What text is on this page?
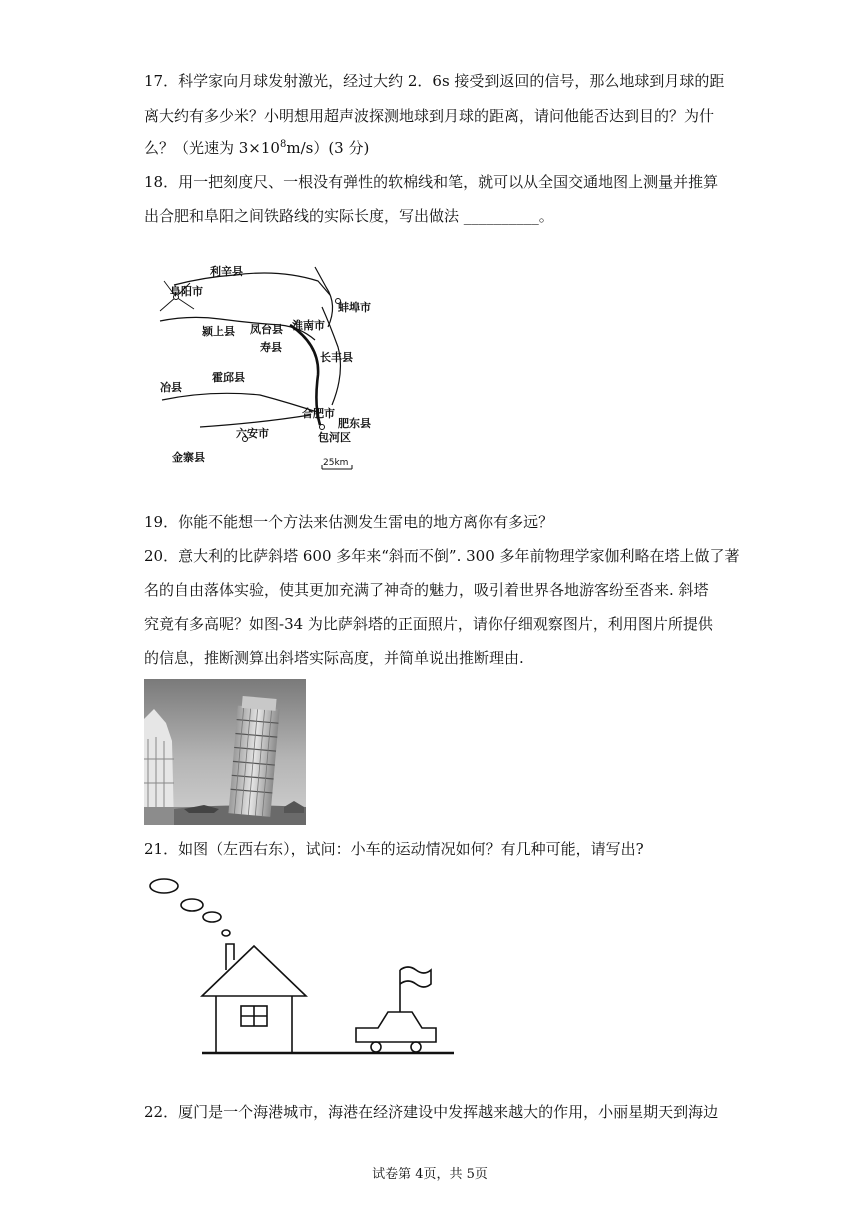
17．科学家向月球发射激光，经过大约 2．6s 接受到返回的信号，那么地球到月球的距
离大约有多少米？小明想用超声波探测地球到月球的距离，请问他能否达到目的？为什
么？（光速为 $3\times 10^8m/s)(3$ 分)
18．用一把刻度尺、一根没有弹性的软棉线和笔，就可以从全国交通地图上测量并推算
出合肥和阜阳之间铁路线的实际长度，写出做法 __________。
利辛县
阜阳市
蚌埠市
颍上县 凤台县 淮南市
寿县
长丰县
霍邱县
冶县
合肥市
肥东县
六安市	包河区
金寨县	25km
19．你能不能想一个方法来估测发生雷电的地方离你有多远？
20．意大利的比萨斜塔 600 多年来“斜而不倒”. 300 多年前物理学家伽利略在塔上做了著
名的自由落体实验，使其更加充满了神奇的魅力，吸引着世界各地游客纷至沓来. 斜塔
究竟有多高呢？如图-34 为比萨斜塔的正面照片，请你仔细观察图片，利用图片所提供
的信息，推断测算出斜塔实际高度，并简单说出推断理由.
21．如图（左西右东），试问：小车的运动情况如何？有几种可能，请写出?
22．厦门是一个海港城市，海港在经济建设中发挥越来越大的作用，小丽星期天到海边
试卷第 4页，共 5页
